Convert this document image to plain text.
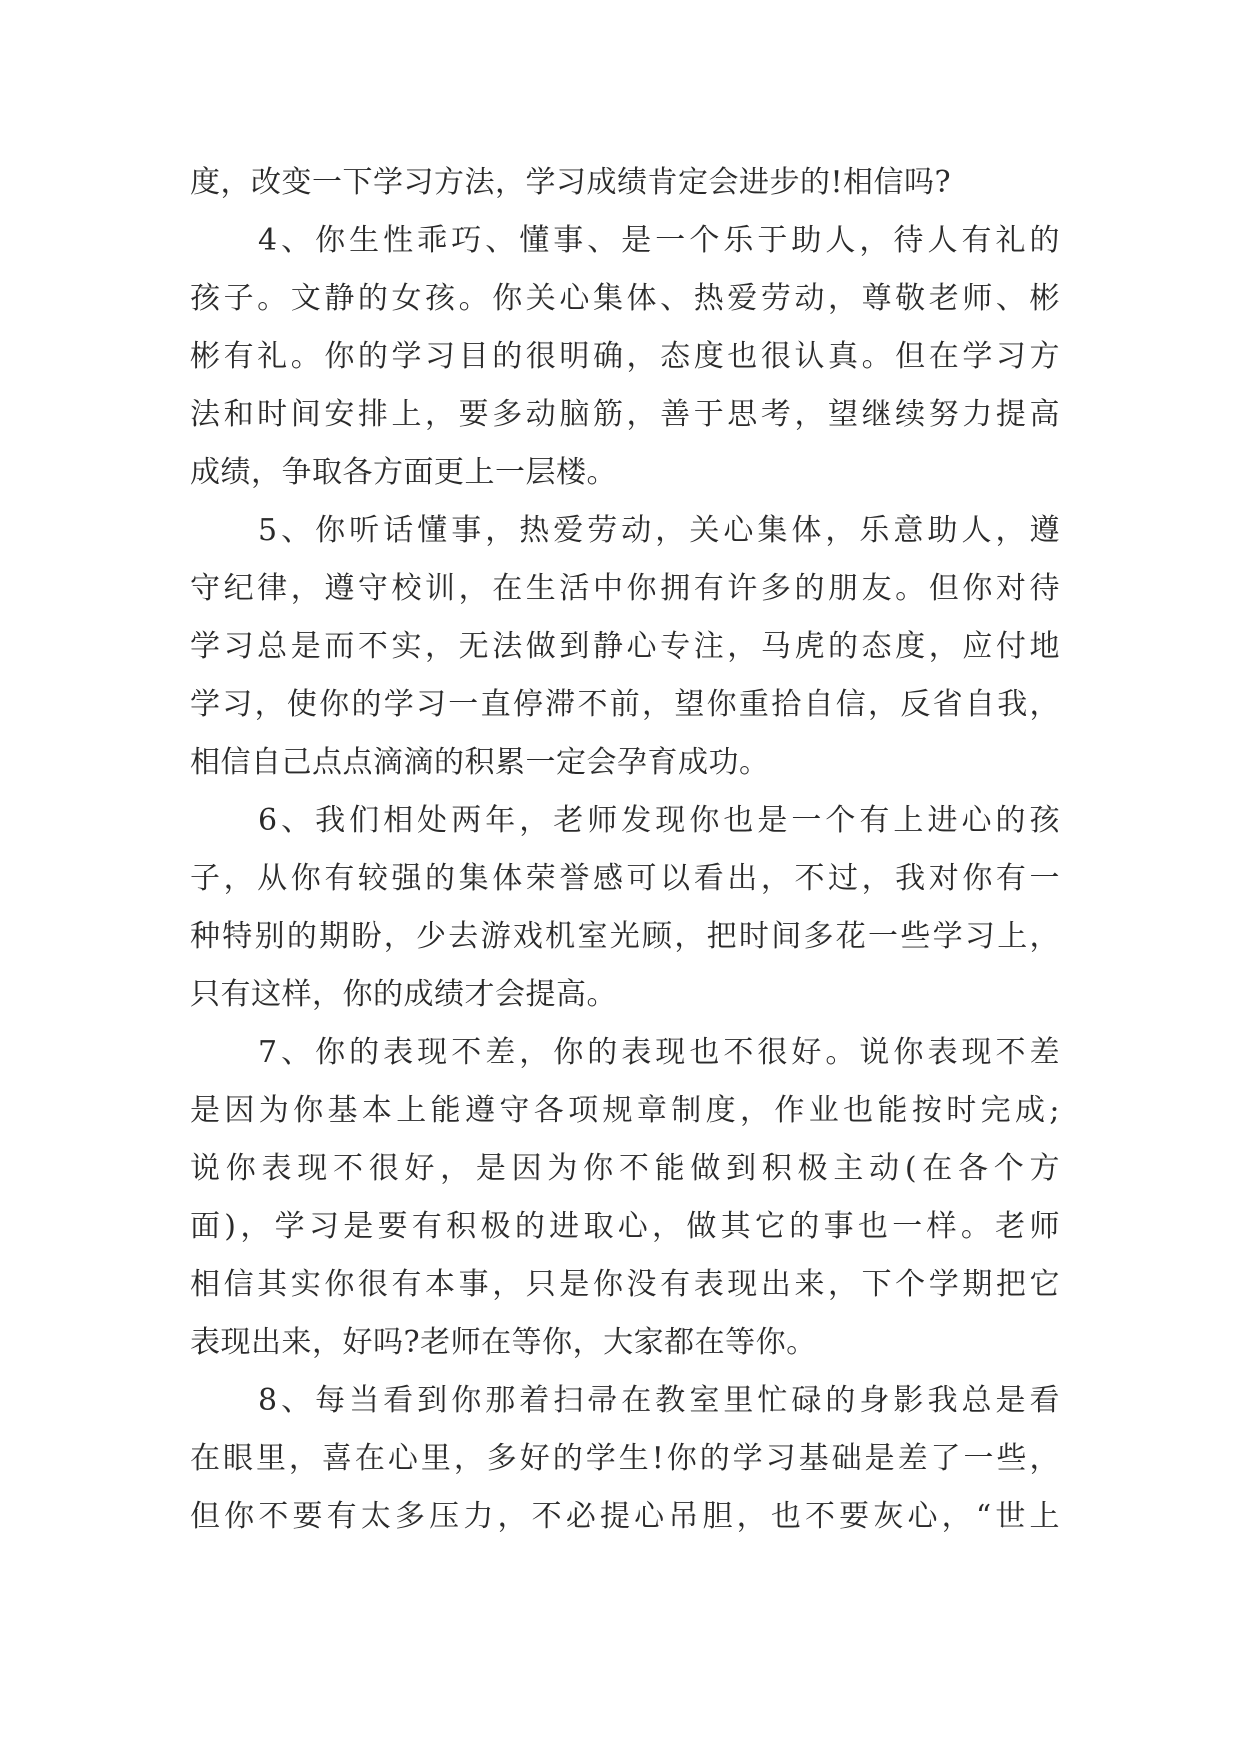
度，改变一下学习方法，学习成绩肯定会进步的!相信吗?
4、你生性乖巧、懂事、是一个乐于助人，待人有礼的
孩子。文静的女孩。你关心集体、热爱劳动，尊敬老师、彬
彬有礼。你的学习目的很明确，态度也很认真。但在学习方
法和时间安排上，要多动脑筋，善于思考，望继续努力提高
成绩，争取各方面更上一层楼。
5、你听话懂事，热爱劳动，关心集体，乐意助人，遵
守纪律，遵守校训，在生活中你拥有许多的朋友。但你对待
学习总是而不实，无法做到静心专注，马虎的态度，应付地
学习，使你的学习一直停滞不前，望你重拾自信，反省自我，
相信自己点点滴滴的积累一定会孕育成功。
6、我们相处两年，老师发现你也是一个有上进心的孩
子，从你有较强的集体荣誉感可以看出，不过，我对你有一
种特别的期盼，少去游戏机室光顾，把时间多花一些学习上，
只有这样，你的成绩才会提高。
7、你的表现不差，你的表现也不很好。说你表现不差
是因为你基本上能遵守各项规章制度，作业也能按时完成;
说你表现不很好，是因为你不能做到积极主动(在各个方
面)，学习是要有积极的进取心，做其它的事也一样。老师
相信其实你很有本事，只是你没有表现出来，下个学期把它
表现出来，好吗?老师在等你，大家都在等你。
8、每当看到你那着扫帚在教室里忙碌的身影我总是看
在眼里，喜在心里，多好的学生!你的学习基础是差了一些，
但你不要有太多压力，不必提心吊胆，也不要灰心，“世上
